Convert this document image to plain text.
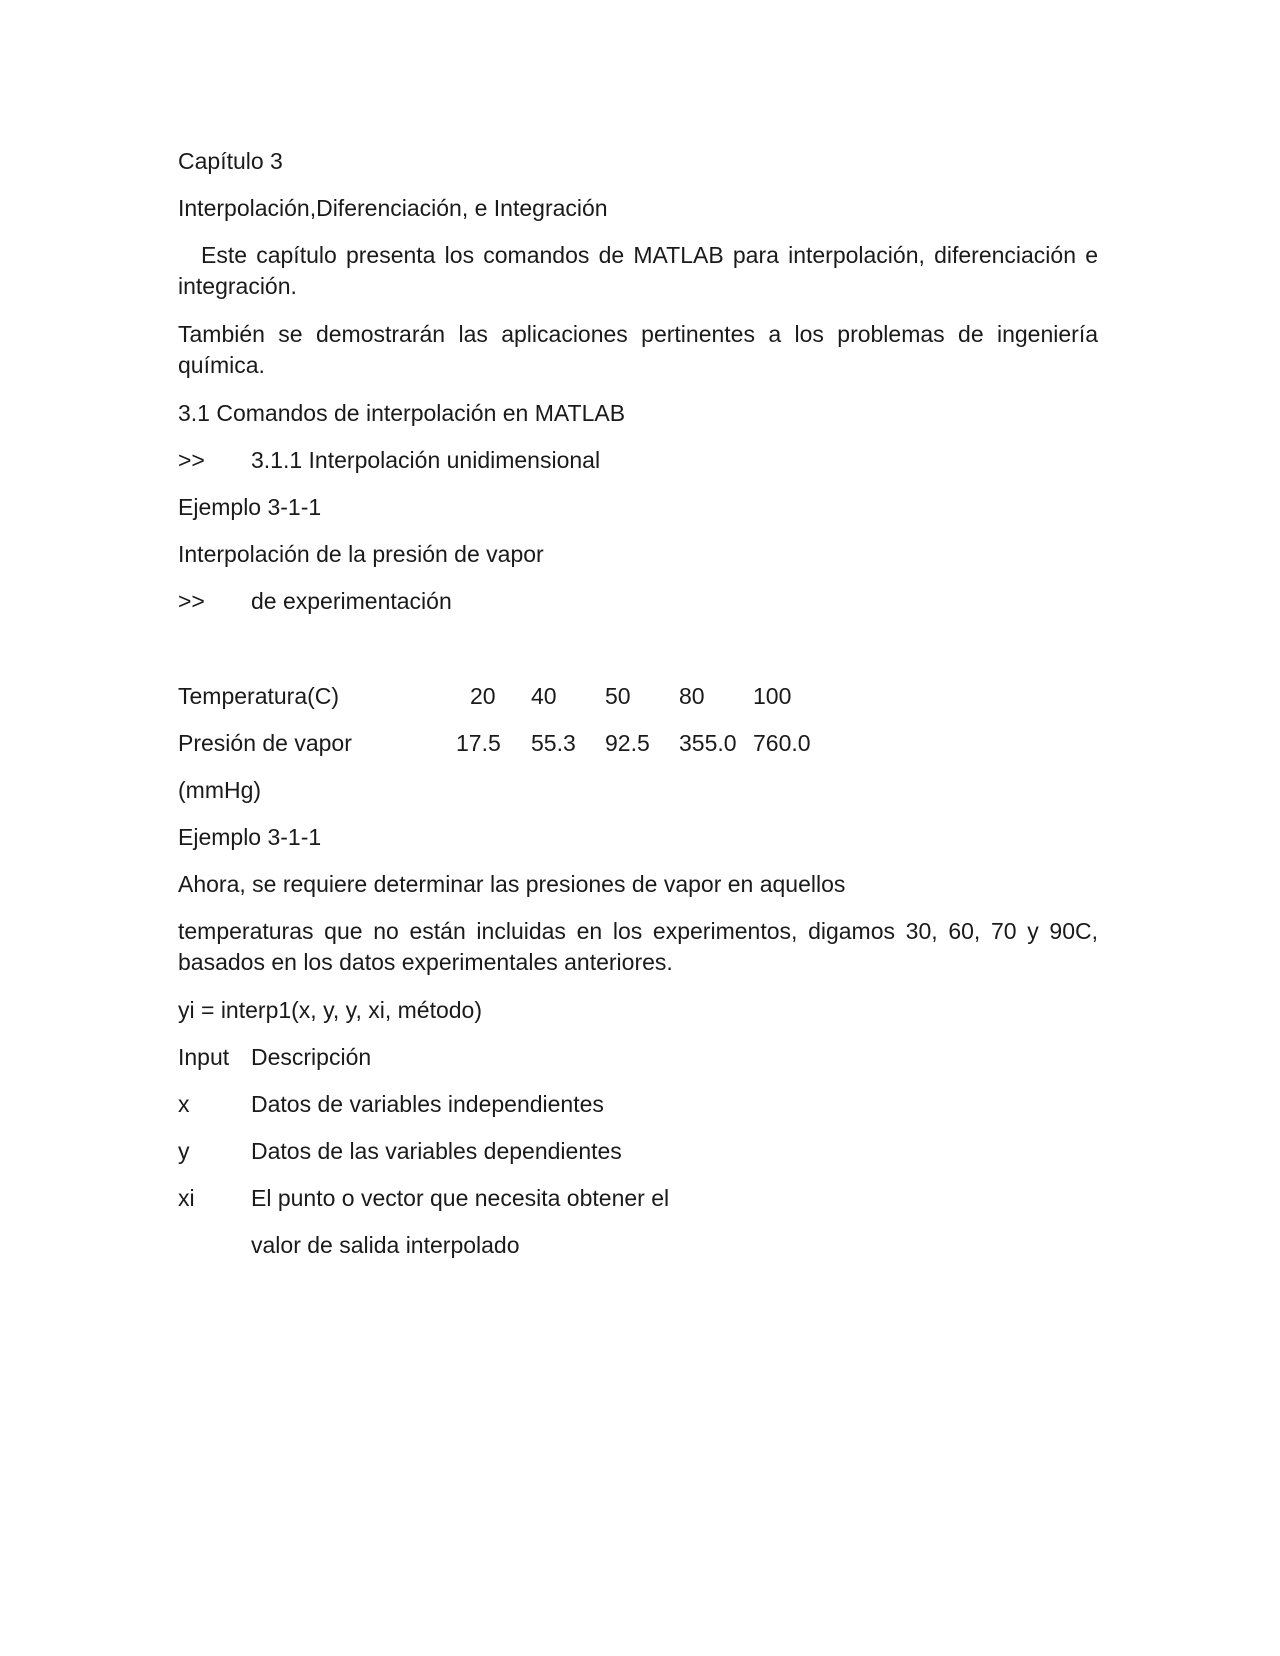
Capítulo 3
Interpolación,Diferenciación, e Integración
Este capítulo presenta los comandos de MATLAB para interpolación, diferenciación e integración.
También se demostrarán las aplicaciones pertinentes a los problemas de ingeniería química.
3.1 Comandos de interpolación en MATLAB
>>	3.1.1 Interpolación unidimensional
Ejemplo 3-1-1
Interpolación de la presión de vapor
>>	de experimentación
Temperatura(C)	20	40	50	80	100
Presión de vapor	17.5	55.3	92.5	355.0 760.0
(mmHg)
Ejemplo 3-1-1
Ahora, se requiere determinar las presiones de vapor en aquellos
temperaturas que no están incluidas en los experimentos, digamos 30, 60, 70 y 90C, basados en los datos experimentales anteriores.
yi = interp1(x, y, y, xi, método)
Input Descripción
x	Datos de variables independientes
y	Datos de las variables dependientes
xi	El punto o vector que necesita obtener el
valor de salida interpolado
